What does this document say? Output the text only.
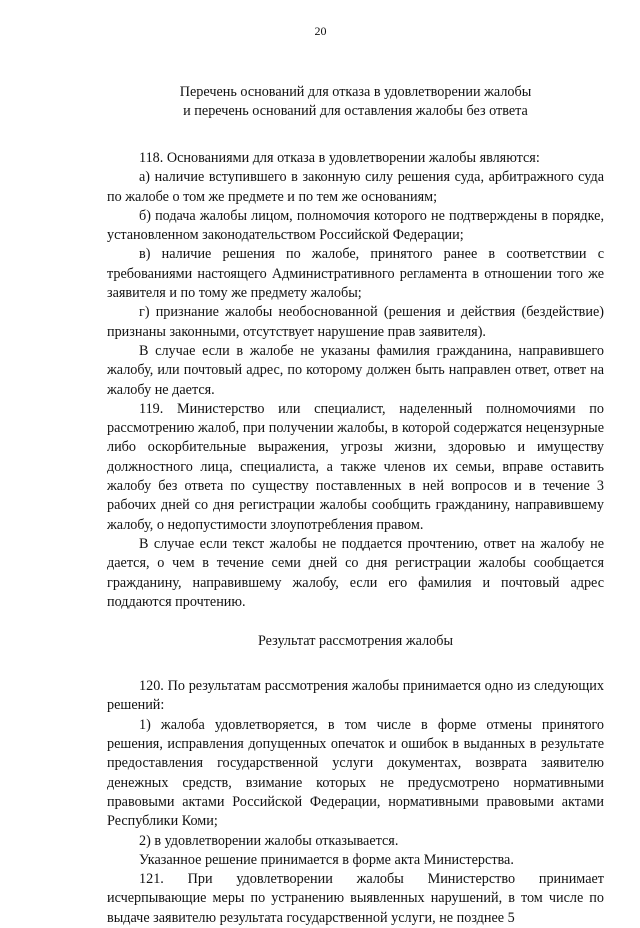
20
Перечень оснований для отказа в удовлетворении жалобы
и перечень оснований для оставления жалобы без ответа

118. Основаниями для отказа в удовлетворении жалобы являются:

а) наличие вступившего в законную силу решения суда, арбитражного суда по жалобе о том же предмете и по тем же основаниям;

б) подача жалобы лицом, полномочия которого не подтверждены в порядке, установленном законодательством Российской Федерации;

в) наличие решения по жалобе, принятого ранее в соответствии с требованиями настоящего Административного регламента в отношении того же заявителя и по тому же предмету жалобы;

г) признание жалобы необоснованной (решения и действия (бездействие) признаны законными, отсутствует нарушение прав заявителя).

В случае если в жалобе не указаны фамилия гражданина, направившего жалобу, или почтовый адрес, по которому должен быть направлен ответ, ответ на жалобу не дается.

119. Министерство или специалист, наделенный полномочиями по рассмотрению жалоб, при получении жалобы, в которой содержатся нецензурные либо оскорбительные выражения, угрозы жизни, здоровью и имуществу должностного лица, специалиста, а также членов их семьи, вправе оставить жалобу без ответа по существу поставленных в ней вопросов и в течение 3 рабочих дней со дня регистрации жалобы сообщить гражданину, направившему жалобу, о недопустимости злоупотребления правом.

В случае если текст жалобы не поддается прочтению, ответ на жалобу не дается, о чем в течение семи дней со дня регистрации жалобы сообщается гражданину, направившему жалобу, если его фамилия и почтовый адрес поддаются прочтению.

Результат рассмотрения жалобы

120. По результатам рассмотрения жалобы принимается одно из следующих решений:

1) жалоба удовлетворяется, в том числе в форме отмены принятого решения, исправления допущенных опечаток и ошибок в выданных в результате предоставления государственной услуги документах, возврата заявителю денежных средств, взимание которых не предусмотрено нормативными правовыми актами Российской Федерации, нормативными правовыми актами Республики Коми;

2) в удовлетворении жалобы отказывается.

Указанное решение принимается в форме акта Министерства.

121. При удовлетворении жалобы Министерство принимает исчерпывающие меры по устранению выявленных нарушений, в том числе по выдаче заявителю результата государственной услуги, не позднее 5
